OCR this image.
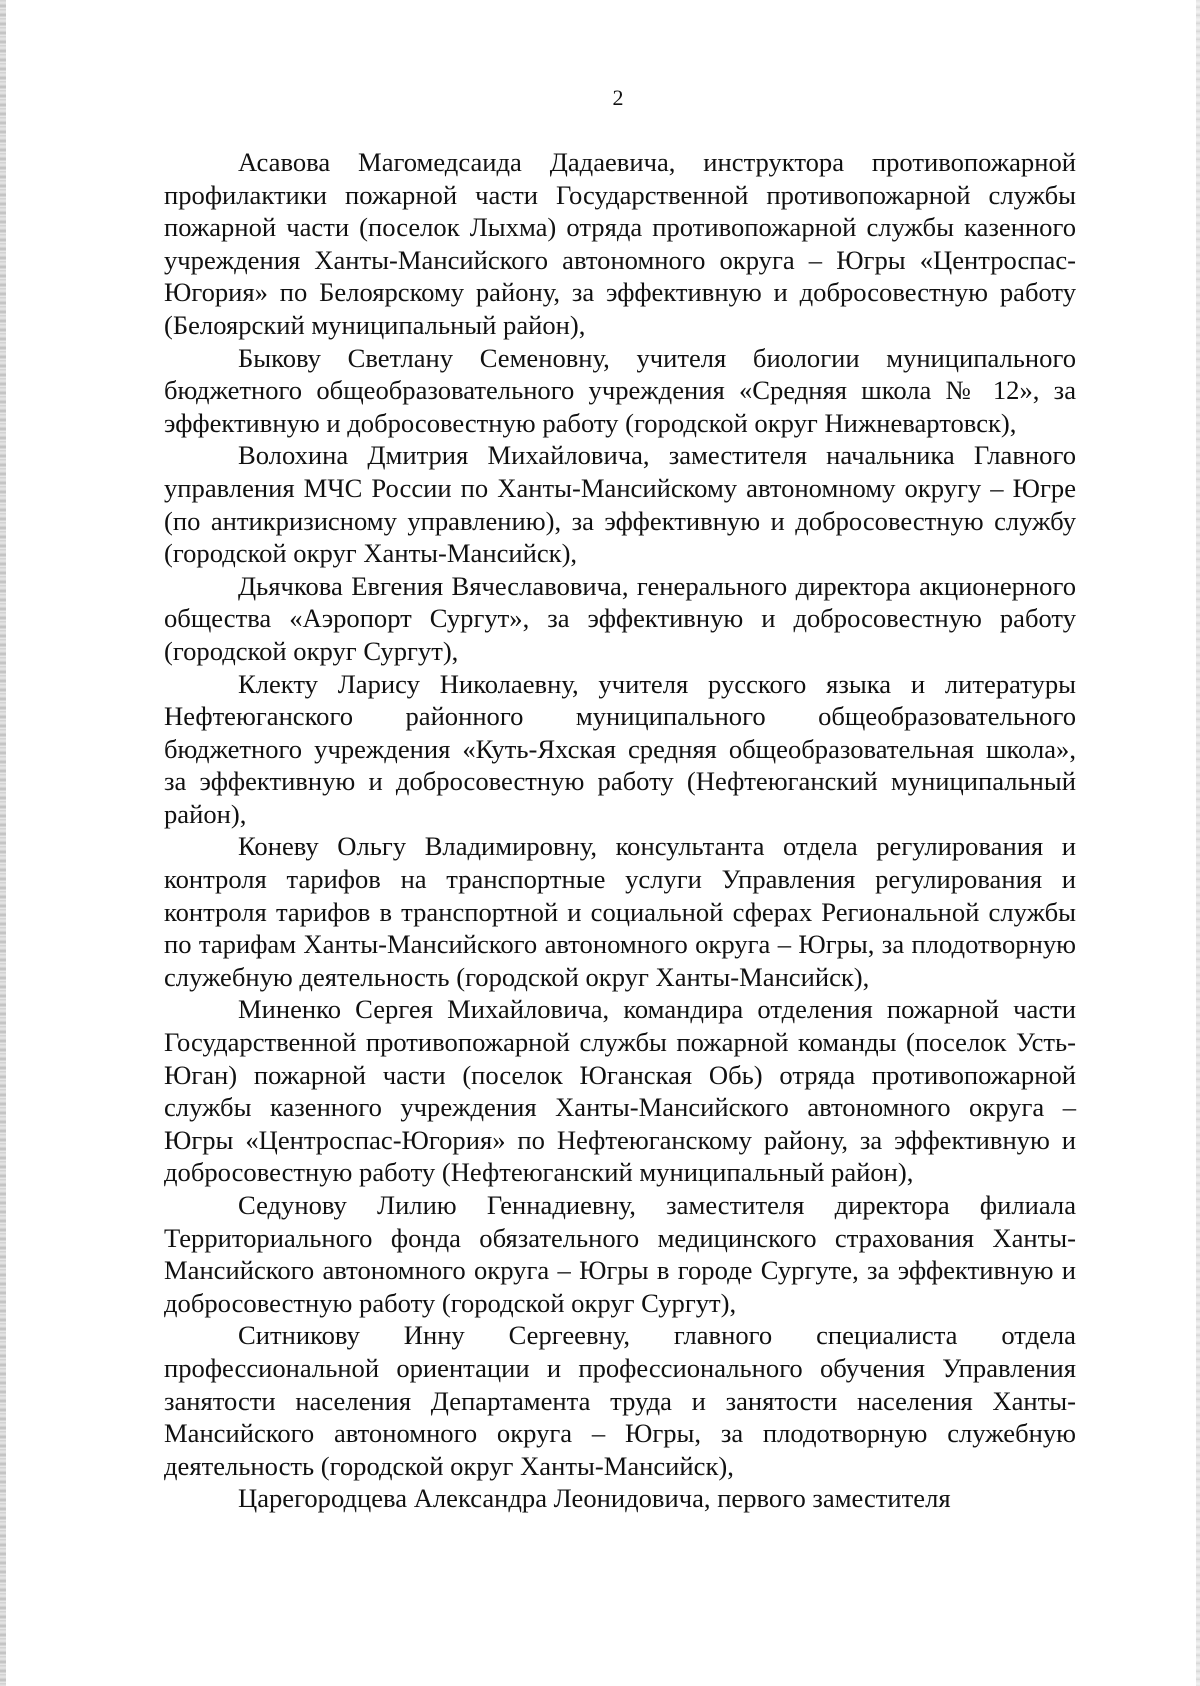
2

Асавова Магомедсаида Дадаевича, инструктора противопожарной профилактики пожарной части Государственной противопожарной службы пожарной части (поселок Лыхма) отряда противопожарной службы казенного учреждения Ханты-Мансийского автономного округа – Югры «Центроспас-Югория» по Белоярскому району, за эффективную и добросовестную работу (Белоярский муниципальный район),

Быкову Светлану Семеновну, учителя биологии муниципального бюджетного общеобразовательного учреждения «Средняя школа № 12», за эффективную и добросовестную работу (городской округ Нижневартовск),

Волохина Дмитрия Михайловича, заместителя начальника Главного управления МЧС России по Ханты-Мансийскому автономному округу – Югре (по антикризисному управлению), за эффективную и добросовестную службу (городской округ Ханты-Мансийск),

Дьячкова Евгения Вячеславовича, генерального директора акционерного общества «Аэропорт Сургут», за эффективную и добросовестную работу (городской округ Сургут),

Клекту Ларису Николаевну, учителя русского языка и литературы Нефтеюганского районного муниципального общеобразовательного бюджетного учреждения «Куть-Яхская средняя общеобразовательная школа», за эффективную и добросовестную работу (Нефтеюганский муниципальный район),

Коневу Ольгу Владимировну, консультанта отдела регулирования и контроля тарифов на транспортные услуги Управления регулирования и контроля тарифов в транспортной и социальной сферах Региональной службы по тарифам Ханты-Мансийского автономного округа – Югры, за плодотворную служебную деятельность (городской округ Ханты-Мансийск),

Миненко Сергея Михайловича, командира отделения пожарной части Государственной противопожарной службы пожарной команды (поселок Усть-Юган) пожарной части (поселок Юганская Обь) отряда противопожарной службы казенного учреждения Ханты-Мансийского автономного округа – Югры «Центроспас-Югория» по Нефтеюганскому району, за эффективную и добросовестную работу (Нефтеюганский муниципальный район),

Седунову Лилию Геннадиевну, заместителя директора филиала Территориального фонда обязательного медицинского страхования Ханты-Мансийского автономного округа – Югры в городе Сургуте, за эффективную и добросовестную работу (городской округ Сургут),

Ситникову Инну Сергеевну, главного специалиста отдела профессиональной ориентации и профессионального обучения Управления занятости населения Департамента труда и занятости населения Ханты-Мансийского автономного округа – Югры, за плодотворную служебную деятельность (городской округ Ханты-Мансийск),

Царегородцева Александра Леонидовича, первого заместителя
